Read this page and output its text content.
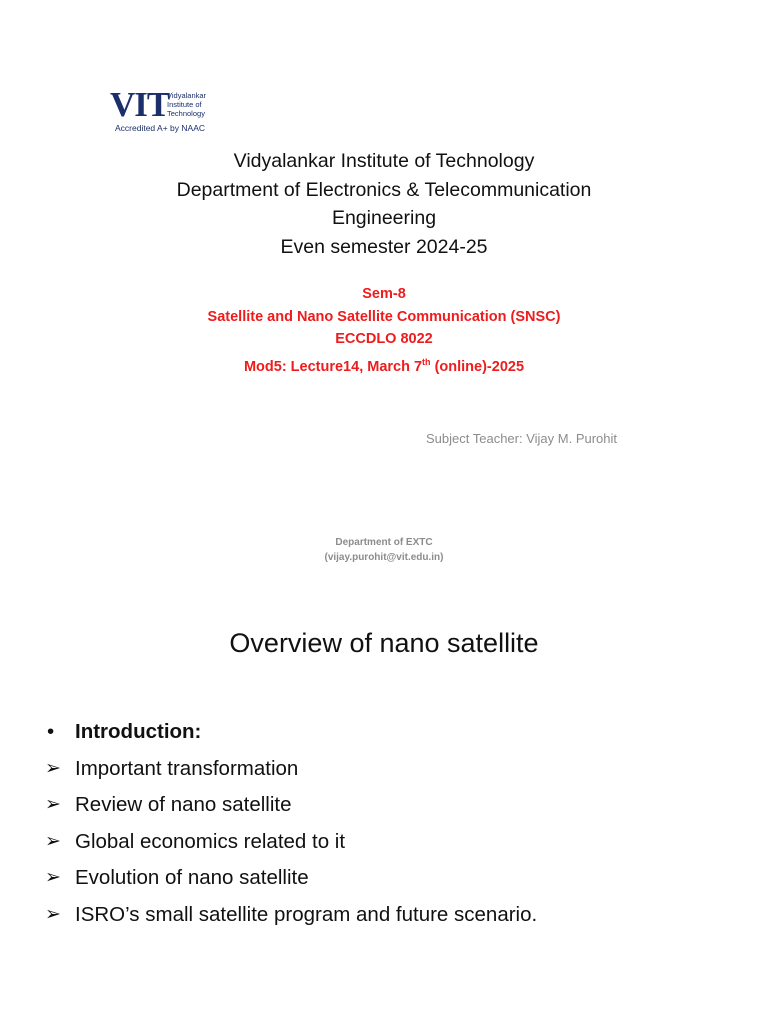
VIT
Vidyalankar
Institute of
Technology
Accredited A+ by NAAC
Vidyalankar Institute of Technology
Department of Electronics & Telecommunication
Engineering
Even semester 2024-25
Sem-8
Satellite and Nano Satellite Communication (SNSC)
ECCDLO 8022
Mod5: Lecture14, March 7th (online)-2025
Subject Teacher: Vijay M. Purohit
Department of EXTC
(vijay.purohit@vit.edu.in)
Overview of nano satellite
• Introduction:
➢ Important transformation
➢ Review of nano satellite
➢ Global economics related to it
➢ Evolution of nano satellite
➢ ISRO’s small satellite program and future scenario.
